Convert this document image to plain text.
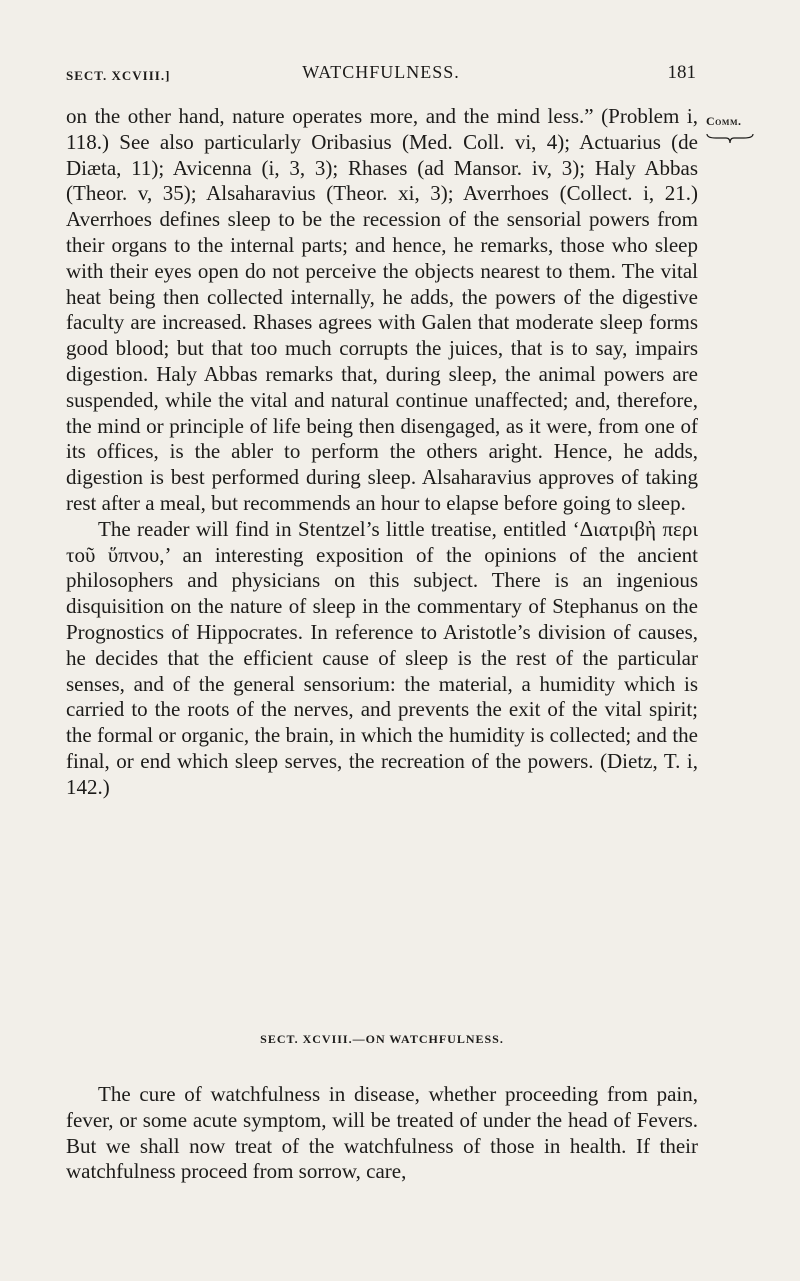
SECT. XCVIII.]	WATCHFULNESS.	181
Comm.

on the other hand, nature operates more, and the mind less.” (Problem i, 118.) See also particularly Oribasius (Med. Coll. vi, 4); Actuarius (de Diæta, 11); Avicenna (i, 3, 3); Rhases (ad Mansor. iv, 3); Haly Abbas (Theor. v, 35); Alsaharavius (Theor. xi, 3); Averrhoes (Collect. i, 21.) Averrhoes defines sleep to be the recession of the sensorial powers from their organs to the internal parts; and hence, he remarks, those who sleep with their eyes open do not perceive the objects nearest to them. The vital heat being then collected internally, he adds, the powers of the digestive faculty are increased. Rhases agrees with Galen that moderate sleep forms good blood; but that too much corrupts the juices, that is to say, impairs digestion. Haly Abbas remarks that, during sleep, the animal powers are suspended, while the vital and natural continue unaffected; and, therefore, the mind or principle of life being then disengaged, as it were, from one of its offices, is the abler to perform the others aright. Hence, he adds, digestion is best performed during sleep. Alsaharavius approves of taking rest after a meal, but recommends an hour to elapse before going to sleep.

The reader will find in Stentzel’s little treatise, entitled ‘Διατριβὴ περι τοῦ ὕπνου,’ an interesting exposition of the opinions of the ancient philosophers and physicians on this subject. There is an ingenious disquisition on the nature of sleep in the commentary of Stephanus on the Prognostics of Hippocrates. In reference to Aristotle’s division of causes, he decides that the efficient cause of sleep is the rest of the particular senses, and of the general sensorium: the material, a humidity which is carried to the roots of the nerves, and prevents the exit of the vital spirit; the formal or organic, the brain, in which the humidity is collected; and the final, or end which sleep serves, the recreation of the powers. (Dietz, T. i, 142.)

SECT. XCVIII.—ON WATCHFULNESS.

The cure of watchfulness in disease, whether proceeding from pain, fever, or some acute symptom, will be treated of under the head of Fevers. But we shall now treat of the watchfulness of those in health. If their watchfulness proceed from sorrow, care,
